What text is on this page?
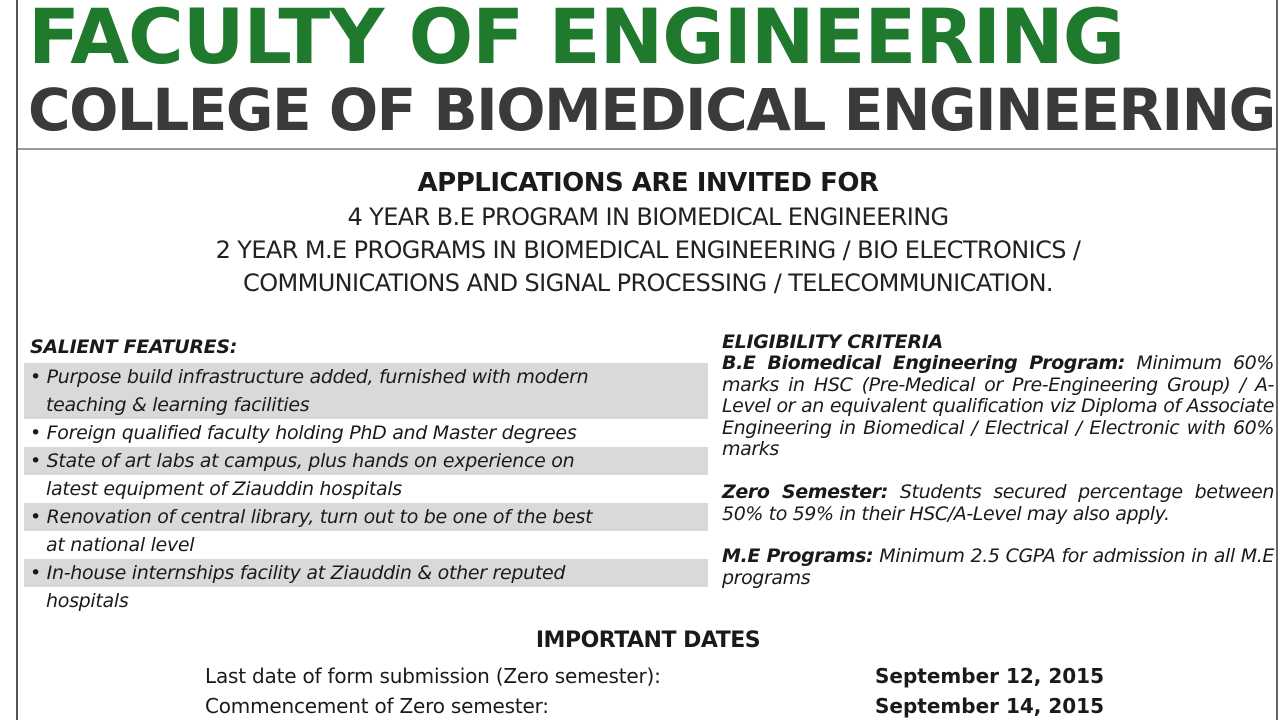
FACULTY OF ENGINEERING
COLLEGE OF BIOMEDICAL ENGINEERING
APPLICATIONS ARE INVITED FOR
4 YEAR B.E PROGRAM IN BIOMEDICAL ENGINEERING
2 YEAR M.E PROGRAMS IN BIOMEDICAL ENGINEERING / BIO ELECTRONICS /
COMMUNICATIONS AND SIGNAL PROCESSING / TELECOMMUNICATION.
SALIENT FEATURES:
• Purpose build infrastructure added, furnished with modern
teaching & learning facilities
• Foreign qualified faculty holding PhD and Master degrees
• State of art labs at campus, plus hands on experience on
latest equipment of Ziauddin hospitals
• Renovation of central library, turn out to be one of the best
at national level
• In-house internships facility at Ziauddin & other reputed
hospitals
ELIGIBILITY CRITERIA

B.E Biomedical Engineering Program: Minimum 60% marks in HSC (Pre-Medical or Pre-Engineering Group) / A-Level or an equivalent qualification viz Diploma of Associate Engineering in Biomedical / Electrical / Electronic with 60% marks

Zero Semester: Students secured percentage between 50% to 59% in their HSC/A-Level may also apply.

M.E Programs: Minimum 2.5 CGPA for admission in all M.E programs

IMPORTANT DATES
Last date of form submission (Zero semester):	September 12, 2015
Commencement of Zero semester:	September 14, 2015
